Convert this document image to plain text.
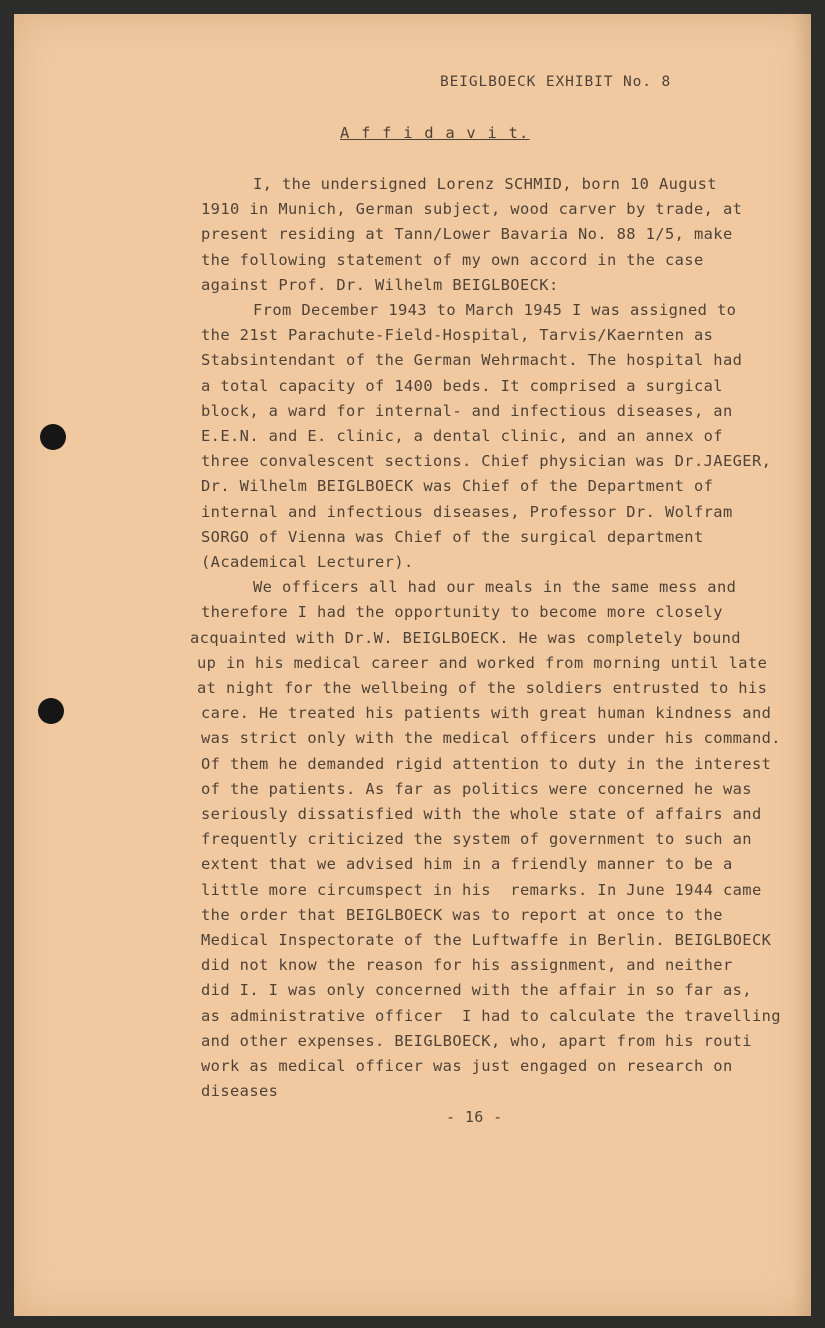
BEIGLBOECK EXHIBIT No. 8
A f f i d a v i t.
I, the undersigned Lorenz SCHMID, born 10 August
1910 in Munich, German subject, wood carver by trade, at
present residing at Tann/Lower Bavaria No. 88 1/5, make
the following statement of my own accord in the case
against Prof. Dr. Wilhelm BEIGLBOECK:
From December 1943 to March 1945 I was assigned to
the 21st Parachute-Field-Hospital, Tarvis/Kaernten as
Stabsintendant of the German Wehrmacht. The hospital had
a total capacity of 1400 beds. It comprised a surgical
block, a ward for internal- and infectious diseases, an
E.E.N. and E. clinic, a dental clinic, and an annex of
three convalescent sections. Chief physician was Dr.JAEGER,
Dr. Wilhelm BEIGLBOECK was Chief of the Department of
internal and infectious diseases, Professor Dr. Wolfram
SORGO of Vienna was Chief of the surgical department
(Academical Lecturer).
We officers all had our meals in the same mess and
therefore I had the opportunity to become more closely
acquainted with Dr.W. BEIGLBOECK. He was completely bound
up in his medical career and worked from morning until late
at night for the wellbeing of the soldiers entrusted to his
care. He treated his patients with great human kindness and
was strict only with the medical officers under his command.
Of them he demanded rigid attention to duty in the interest
of the patients. As far as politics were concerned he was
seriously dissatisfied with the whole state of affairs and
frequently criticized the system of government to such an
extent that we advised him in a friendly manner to be a
little more circumspect in his  remarks. In June 1944 came
the order that BEIGLBOECK was to report at once to the
Medical Inspectorate of the Luftwaffe in Berlin. BEIGLBOECK
did not know the reason for his assignment, and neither
did I. I was only concerned with the affair in so far as,
as administrative officer  I had to calculate the travelling
and other expenses. BEIGLBOECK, who, apart from his routi
work as medical officer was just engaged on research on
diseases
- 16 -
